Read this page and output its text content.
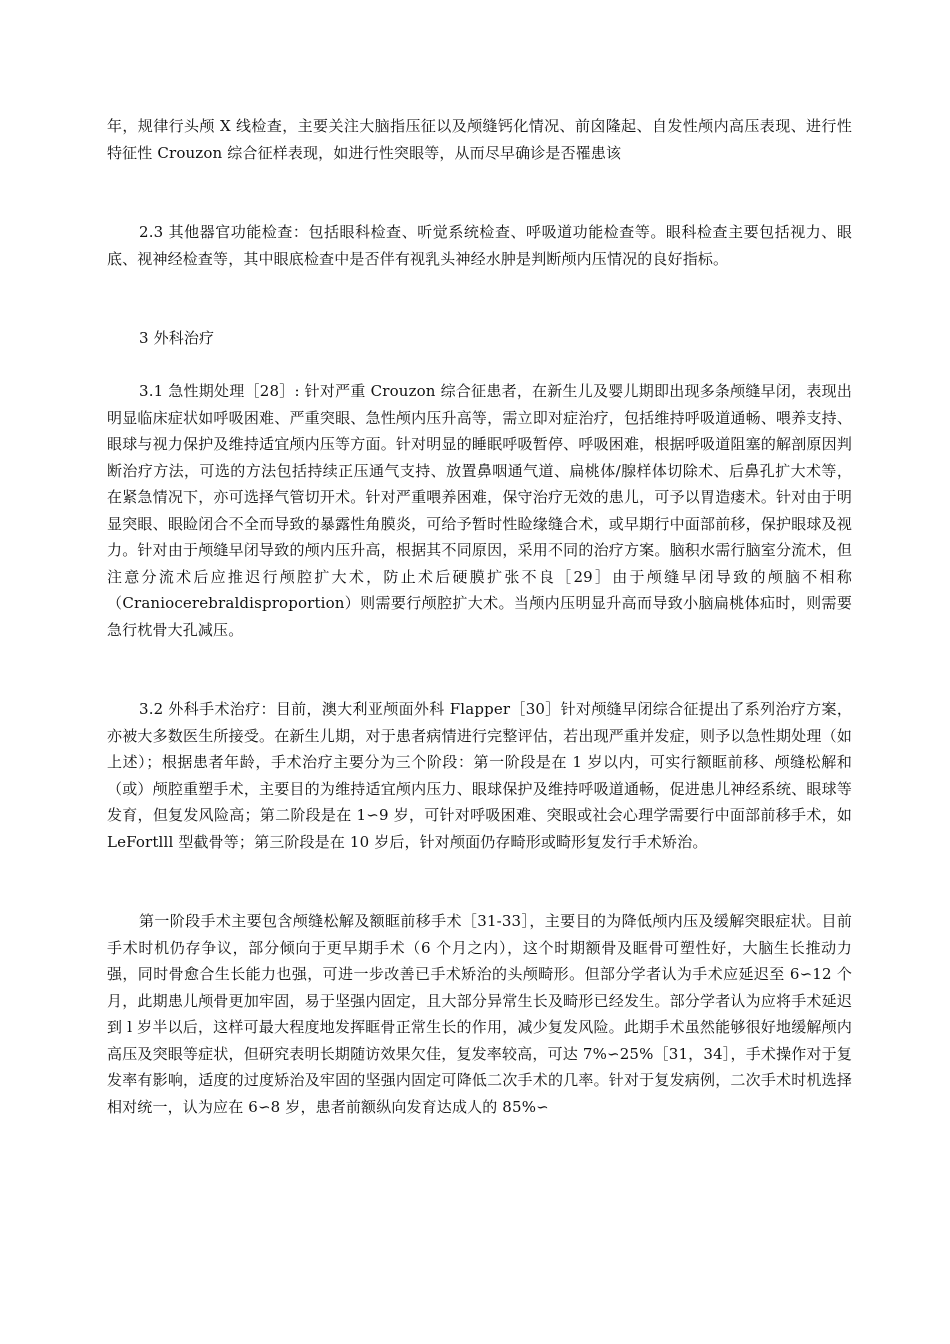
年，规律行头颅 X 线检查，主要关注大脑指压征以及颅缝钙化情况、前囟隆起、自发性颅内高压表现、进行性特征性 Crouzon 综合征样表现，如进行性突眼等，从而尽早确诊是否罹患该

2.3 其他器官功能检查：包括眼科检查、听觉系统检查、呼吸道功能检查等。眼科检查主要包括视力、眼底、视神经检查等，其中眼底检查中是否伴有视乳头神经水肿是判断颅内压情况的良好指标。

3 外科治疗

3.1 急性期处理［28］: 针对严重 Crouzon 综合征患者，在新生儿及婴儿期即出现多条颅缝早闭，表现出明显临床症状如呼吸困难、严重突眼、急性颅内压升高等，需立即对症治疗，包括维持呼吸道通畅、喂养支持、眼球与视力保护及维持适宜颅内压等方面。针对明显的睡眠呼吸暂停、呼吸困难，根据呼吸道阻塞的解剖原因判断治疗方法，可选的方法包括持续正压通气支持、放置鼻咽通气道、扁桃体/腺样体切除术、后鼻孔扩大术等，在紧急情况下，亦可选择气管切开术。针对严重喂养困难，保守治疗无效的患儿，可予以胃造瘘术。针对由于明显突眼、眼睑闭合不全而导致的暴露性角膜炎，可给予暂时性睑缘缝合术，或早期行中面部前移，保护眼球及视力。针对由于颅缝早闭导致的颅内压升高，根据其不同原因，采用不同的治疗方案。脑积水需行脑室分流术，但注意分流术后应推迟行颅腔扩大术，防止术后硬膜扩张不良［29］由于颅缝早闭导致的颅脑不相称（Craniocerebraldisproportion）则需要行颅腔扩大术。当颅内压明显升高而导致小脑扁桃体疝时，则需要急行枕骨大孔减压。

3.2 外科手术治疗：目前，澳大利亚颅面外科 Flapper［30］针对颅缝早闭综合征提出了系列治疗方案，亦被大多数医生所接受。在新生儿期，对于患者病情进行完整评估，若出现严重并发症，则予以急性期处理（如上述）；根据患者年龄，手术治疗主要分为三个阶段：第一阶段是在 1 岁以内，可实行额眶前移、颅缝松解和（或）颅腔重塑手术，主要目的为维持适宜颅内压力、眼球保护及维持呼吸道通畅，促进患儿神经系统、眼球等发育，但复发风险高；第二阶段是在 1∽9 岁，可针对呼吸困难、突眼或社会心理学需要行中面部前移手术，如 LeFortlll 型截骨等；第三阶段是在 10 岁后，针对颅面仍存畸形或畸形复发行手术矫治。

第一阶段手术主要包含颅缝松解及额眶前移手术［31-33］，主要目的为降低颅内压及缓解突眼症状。目前手术时机仍存争议，部分倾向于更早期手术（6 个月之内），这个时期额骨及眶骨可塑性好，大脑生长推动力强，同时骨愈合生长能力也强，可进一步改善已手术矫治的头颅畸形。但部分学者认为手术应延迟至 6∽12 个月，此期患儿颅骨更加牢固，易于坚强内固定，且大部分异常生长及畸形已经发生。部分学者认为应将手术延迟到 l 岁半以后，这样可最大程度地发挥眶骨正常生长的作用，减少复发风险。此期手术虽然能够很好地缓解颅内高压及突眼等症状，但研究表明长期随访效果欠佳，复发率较高，可达 7%∽25%［31，34］，手术操作对于复发率有影响，适度的过度矫治及牢固的坚强内固定可降低二次手术的几率。针对于复发病例，二次手术时机选择相对统一，认为应在 6∽8 岁，患者前额纵向发育达成人的 85%∽
